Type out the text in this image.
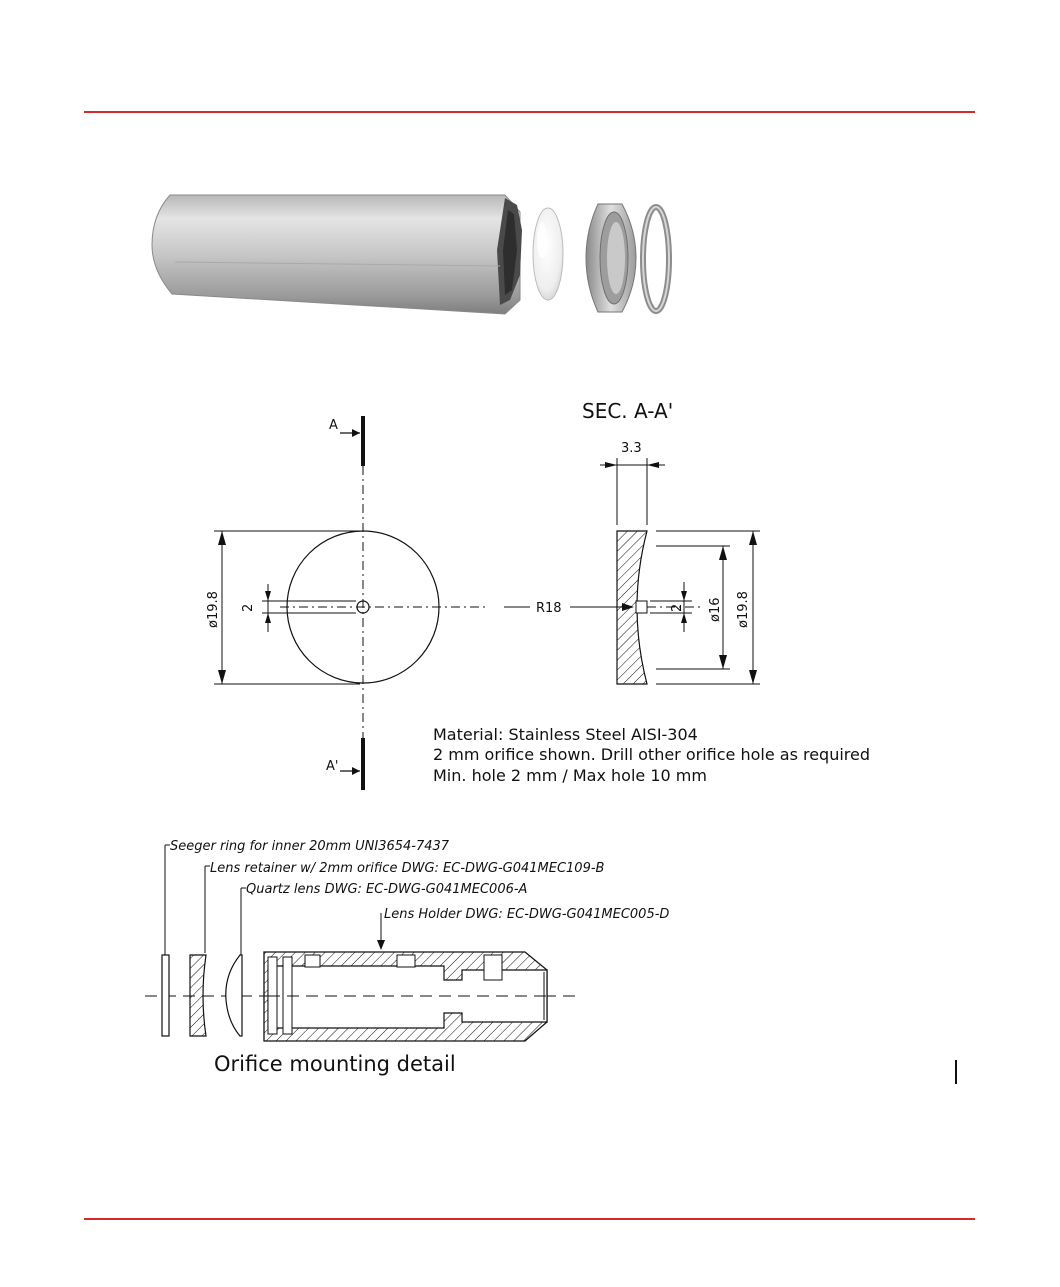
A
A'
ø19.8 2
SEC. A-A'
3.3
R18	2 ø16 ø19.8
Material: Stainless Steel AISI-304
2 mm orifice shown. Drill other orifice hole as required
Min. hole 2 mm / Max hole 10 mm
Seeger ring for inner 20mm UNI3654-7437
Lens retainer w/ 2mm orifice DWG: EC-DWG-G041MEC109-B
Quartz lens DWG: EC-DWG-G041MEC006-A
Lens Holder DWG: EC-DWG-G041MEC005-D
Orifice mounting detail
